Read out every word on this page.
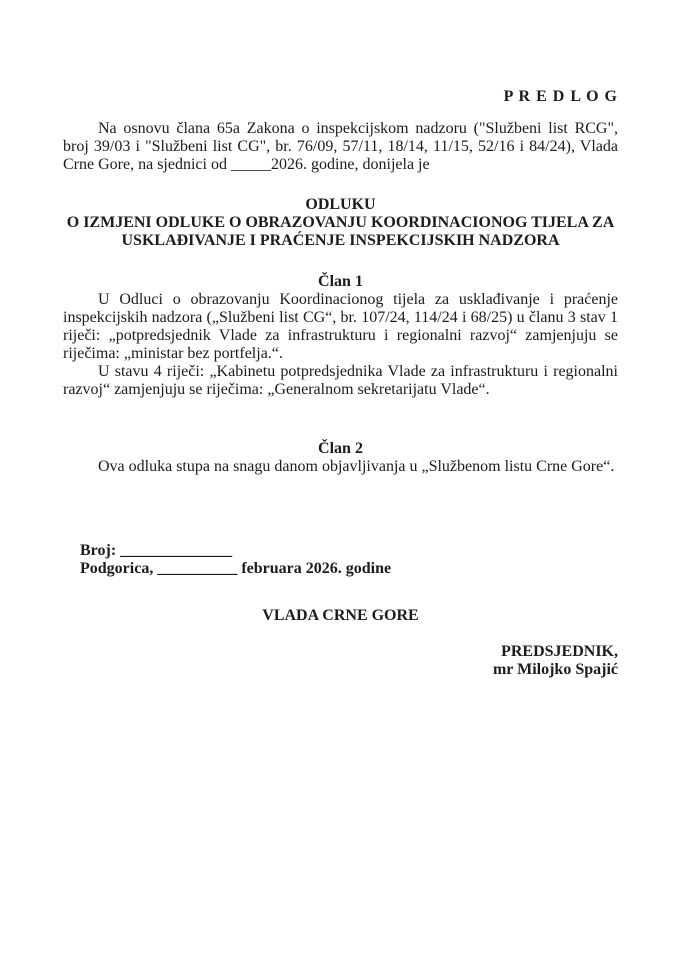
P R E D L O G

Na osnovu člana 65a Zakona o inspekcijskom nadzoru ("Službeni list RCG", broj 39/03 i "Službeni list CG", br. 76/09, 57/11, 18/14, 11/15, 52/16 i 84/24), Vlada Crne Gore, na sjednici od _____2026. godine, donijela je

ODLUKU
O IZMJENI ODLUKE O OBRAZOVANJU KOORDINACIONOG TIJELA ZA
USKLAĐIVANJE I PRAĆENJE INSPEKCIJSKIH NADZORA
Član 1

U Odluci o obrazovanju Koordinacionog tijela za usklađivanje i praćenje inspekcijskih nadzora („Službeni list CG“, br. 107/24, 114/24 i 68/25) u članu 3 stav 1 riječi: „potpredsjednik Vlade za infrastrukturu i regionalni razvoj“ zamjenjuju se riječima: „ministar bez portfelja.“.

U stavu 4 riječi: „Kabinetu potpredsjednika Vlade za infrastrukturu i regionalni razvoj“ zamjenjuju se riječima: „Generalnom sekretarijatu Vlade“.

Član 2

Ova odluka stupa na snagu danom objavljivanja u „Službenom listu Crne Gore“.

Broj: ______________
Podgorica, __________ februara 2026. godine
VLADA CRNE GORE
PREDSJEDNIK,
mr Milojko Spajić
